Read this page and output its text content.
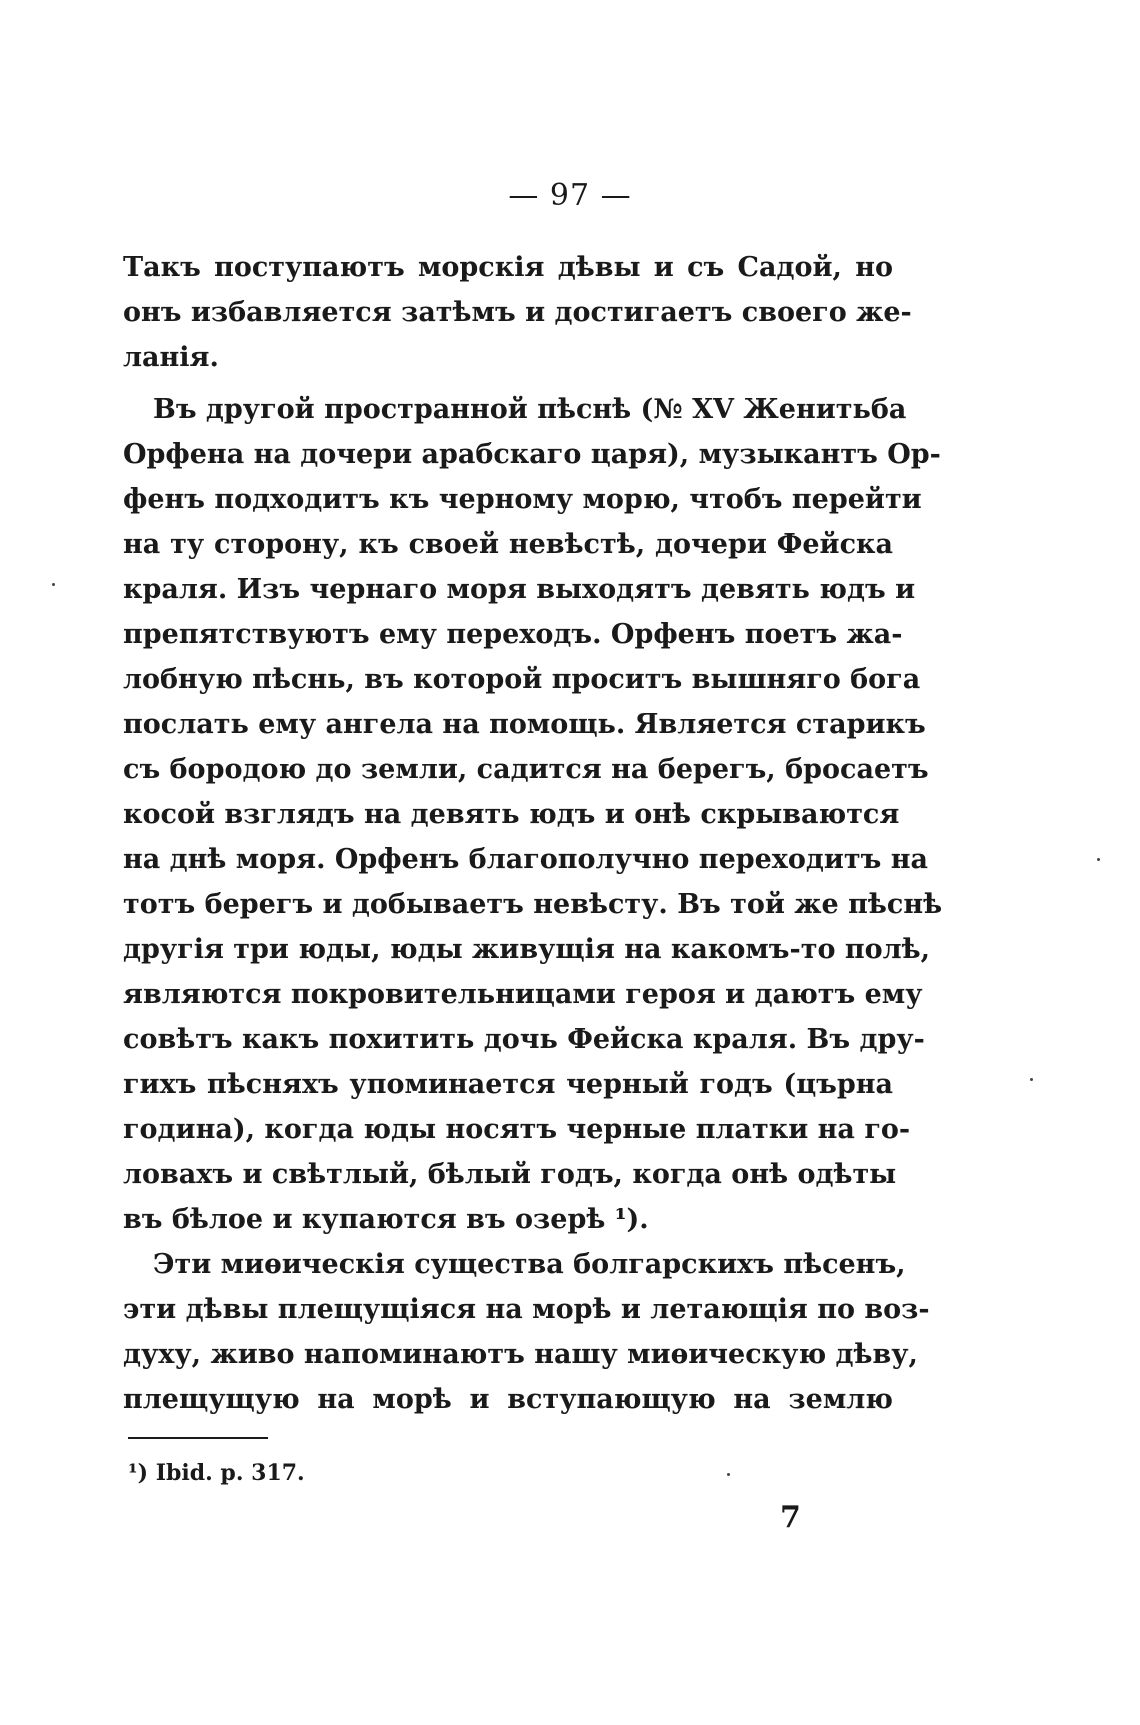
— 97 —
Такъ поступаютъ морскія дѣвы и съ Садой, но
онъ избавляется затѣмъ и достигаетъ своего же-
ланія.
Въ другой пространной пѣснѣ (№ XV Женитьба
Орфена на дочери арабскаго царя), музыкантъ Ор-
фенъ подходитъ къ черному морю, чтобъ перейти
на ту сторону, къ своей невѣстѣ, дочери Фейска
краля. Изъ чернаго моря выходятъ девять юдъ и
препятствуютъ ему переходъ. Орфенъ поетъ жа-
лобную пѣснь, въ которой проситъ вышняго бога
послать ему ангела на помощь. Является старикъ
съ бородою до земли, садится на берегъ, бросаетъ
косой взглядъ на девять юдъ и онѣ скрываются
на днѣ моря. Орфенъ благополучно переходитъ на
тотъ берегъ и добываетъ невѣсту. Въ той же пѣснѣ
другія три юды, юды живущія на какомъ-то полѣ,
являются покровительницами героя и даютъ ему
совѣтъ какъ похитить дочь Фейска краля. Въ дру-
гихъ пѣсняхъ упоминается черный годъ (църна
година), когда юды носятъ черные платки на го-
ловахъ и свѣтлый, бѣлый годъ, когда онѣ одѣты
въ бѣлое и купаются въ озерѣ ¹).
Эти миѳическія существа болгарскихъ пѣсенъ,
эти дѣвы плещущіяся на морѣ и летающія по воз-
духу, живо напоминаютъ нашу миѳическую дѣву,
плещущую на морѣ и вступающую на землю
¹) Ibid. p. 317.
7
